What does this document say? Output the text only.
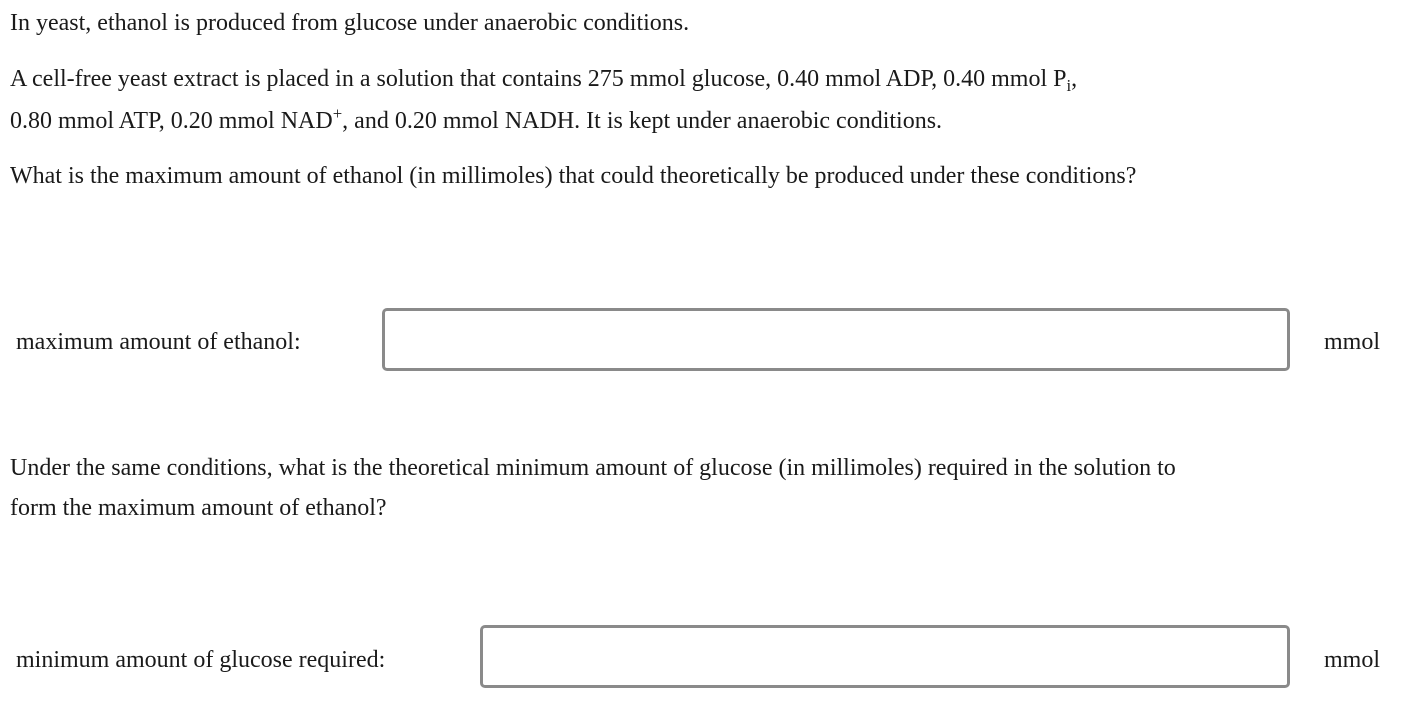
In yeast, ethanol is produced from glucose under anaerobic conditions.
A cell-free yeast extract is placed in a solution that contains 275 mmol glucose, 0.40 mmol ADP, 0.40 mmol $P_i$,
0.80 mmol ATP, 0.20 mmol NAD+, and 0.20 mmol NADH. It is kept under anaerobic conditions.
What is the maximum amount of ethanol (in millimoles) that could theoretically be produced under these conditions?
maximum amount of ethanol:	mmol
Under the same conditions, what is the theoretical minimum amount of glucose (in millimoles) required in the solution to
form the maximum amount of ethanol?
minimum amount of glucose required:	mmol
